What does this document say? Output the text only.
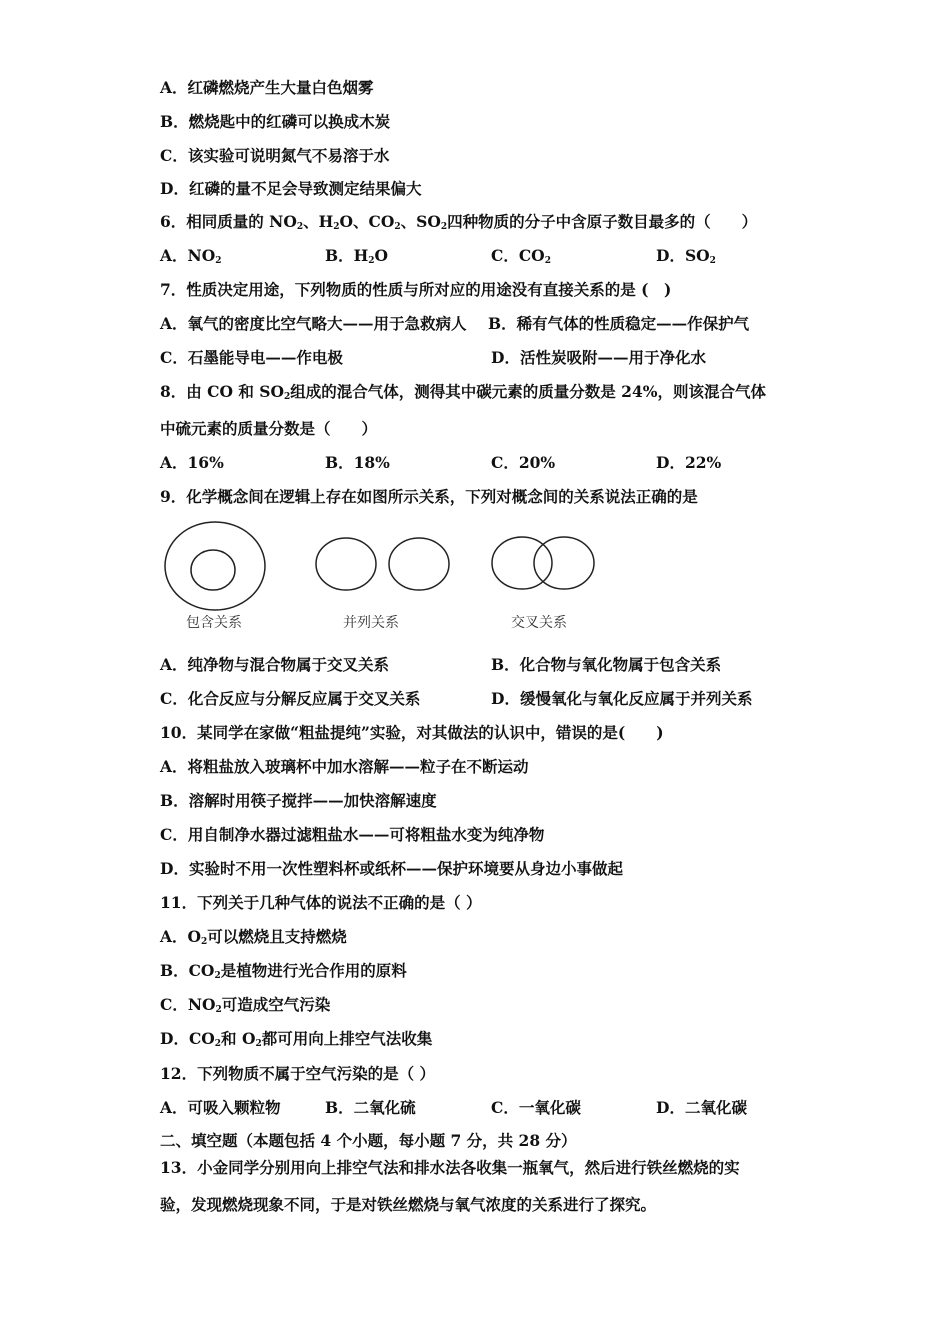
A．红磷燃烧产生大量白色烟雾
B．燃烧匙中的红磷可以换成木炭
C．该实验可说明氮气不易溶于水
D．红磷的量不足会导致测定结果偏大
6．相同质量的 $NO_2$、$H_2O$、$CO_2$、$SO_2$四种物质的分子中含原子数目最多的（　　）
A．$NO_2$	B．$H_2O$	C．$CO_2$	D．$SO_2$
7．性质决定用途，下列物质的性质与所对应的用途没有直接关系的是 (　)
A．氧气的密度比空气略大——用于急救病人 B．稀有气体的性质稳定——作保护气
C．石墨能导电——作电极	D．活性炭吸附——用于净化水
8．由 CO 和 $SO_2$组成的混合气体，测得其中碳元素的质量分数是 24%，则该混合气体
中硫元素的质量分数是（　　）
A．16%	B．18%	C．20%	D．22%
9．化学概念间在逻辑上存在如图所示关系，下列对概念间的关系说法正确的是
包含关系	并列关系	交叉关系
A．纯净物与混合物属于交叉关系	B．化合物与氧化物属于包含关系
C．化合反应与分解反应属于交叉关系	D．缓慢氧化与氧化反应属于并列关系
10．某同学在家做“粗盐提纯”实验，对其做法的认识中，错误的是(　　)
A．将粗盐放入玻璃杯中加水溶解——粒子在不断运动
B．溶解时用筷子搅拌——加快溶解速度
C．用自制净水器过滤粗盐水——可将粗盐水变为纯净物
D．实验时不用一次性塑料杯或纸杯——保护环境要从身边小事做起
11．下列关于几种气体的说法不正确的是（ ）
A．$O_2$可以燃烧且支持燃烧
B．$CO_2$是植物进行光合作用的原料
C．$NO_2$可造成空气污染
D．$CO_2$和 $O_2$都可用向上排空气法收集
12．下列物质不属于空气污染的是（ ）
A．可吸入颗粒物	B．二氧化硫	C．一氧化碳	D．二氧化碳
二、填空题（本题包括 4 个小题，每小题 7 分，共 28 分）
13．小金同学分别用向上排空气法和排水法各收集一瓶氧气，然后进行铁丝燃烧的实
验，发现燃烧现象不同，于是对铁丝燃烧与氧气浓度的关系进行了探究。
